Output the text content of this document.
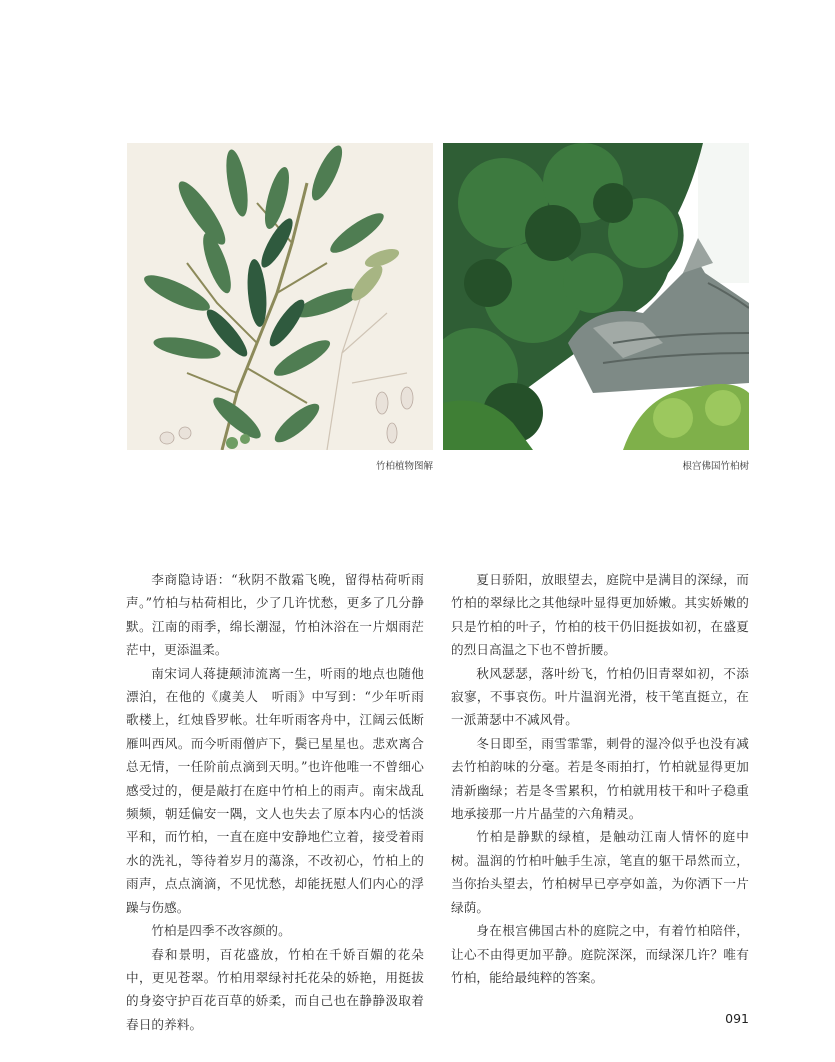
竹柏植物图解	根宫佛国竹柏树

李商隐诗语：“秋阴不散霜飞晚，留得枯荷听雨声。”竹柏与枯荷相比，少了几许忧愁，更多了几分静默。江南的雨季，绵长潮湿，竹柏沐浴在一片烟雨茫茫中，更添温柔。

南宋词人蒋捷颠沛流离一生，听雨的地点也随他漂泊，在他的《虞美人　听雨》中写到：“少年听雨歌楼上，红烛昏罗帐。壮年听雨客舟中，江阔云低断雁叫西风。而今听雨僧庐下，鬓已星星也。悲欢离合总无情，一任阶前点滴到天明。”也许他唯一不曾细心感受过的，便是敲打在庭中竹柏上的雨声。南宋战乱频频，朝廷偏安一隅，文人也失去了原本内心的恬淡平和，而竹柏，一直在庭中安静地伫立着，接受着雨水的洗礼，等待着岁月的蕩涤，不改初心，竹柏上的雨声，点点滴滴，不见忧愁，却能抚慰人们内心的浮躁与伤感。

竹柏是四季不改容颜的。

春和景明，百花盛放，竹柏在千娇百媚的花朵中，更见苍翠。竹柏用翠绿衬托花朵的娇艳，用挺拔的身姿守护百花百草的娇柔，而自己也在静静汲取着春日的养料。

夏日骄阳，放眼望去，庭院中是满目的深绿，而竹柏的翠绿比之其他绿叶显得更加娇嫩。其实娇嫩的只是竹柏的叶子，竹柏的枝干仍旧挺拔如初，在盛夏的烈日高温之下也不曾折腰。

秋风瑟瑟，落叶纷飞，竹柏仍旧青翠如初，不添寂寥，不事哀伤。叶片温润光滑，枝干笔直挺立，在一派萧瑟中不减风骨。

冬日即至，雨雪霏霏，刺骨的湿冷似乎也没有减去竹柏韵味的分毫。若是冬雨拍打，竹柏就显得更加清新幽绿；若是冬雪累积，竹柏就用枝干和叶子稳重地承接那一片片晶莹的六角精灵。

竹柏是静默的绿植，是触动江南人情怀的庭中树。温润的竹柏叶触手生凉，笔直的躯干昂然而立，当你抬头望去，竹柏树早已亭亭如盖，为你洒下一片绿荫。

身在根宫佛国古朴的庭院之中，有着竹柏陪伴，让心不由得更加平静。庭院深深，而绿深几许？唯有竹柏，能给最纯粹的答案。

091
